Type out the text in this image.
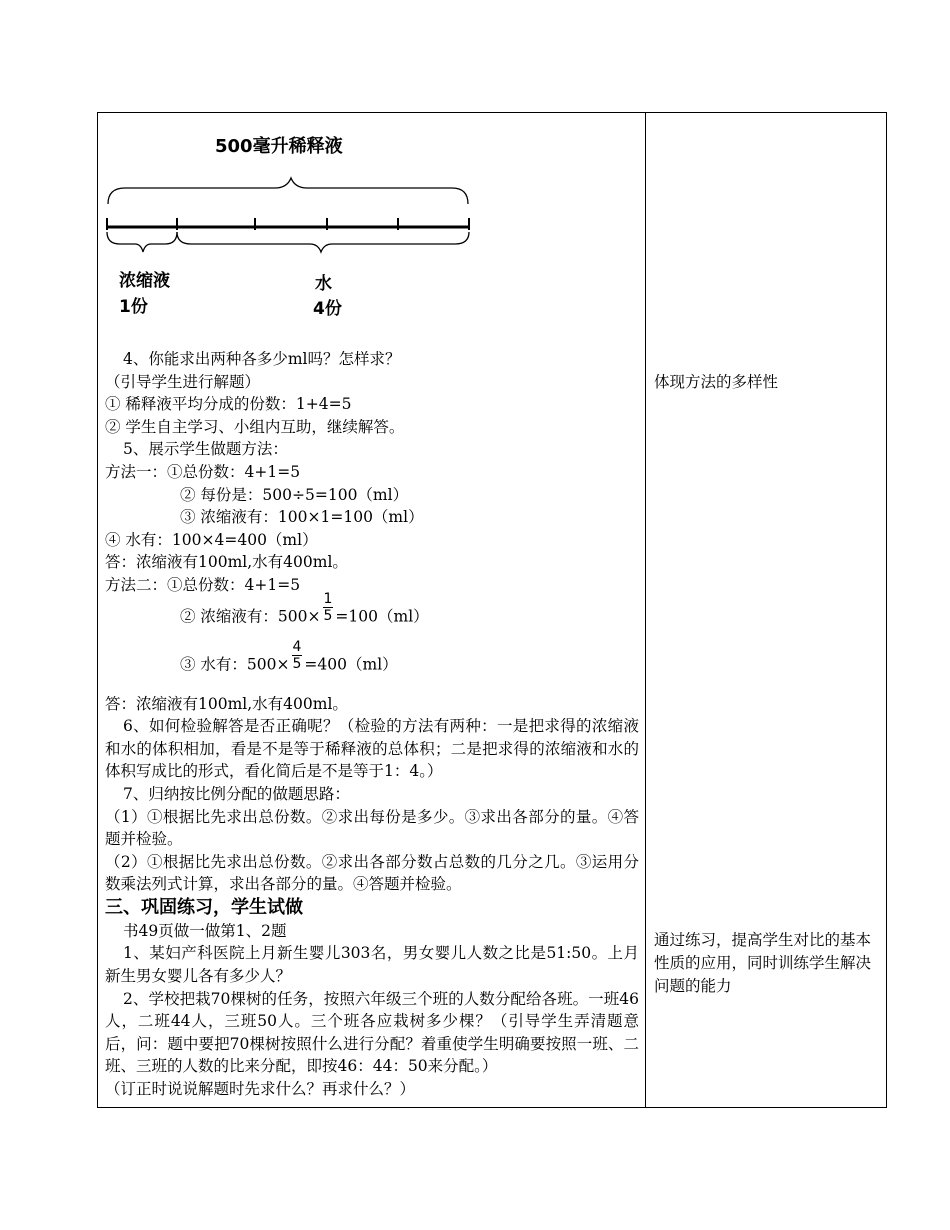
500毫升稀释液
浓缩液
1份
水
4份
4、你能求出两种各多少ml吗？怎样求？
（引导学生进行解题）
① 稀释液平均分成的份数：1+4=5
② 学生自主学习、小组内互助，继续解答。
5、展示学生做题方法：
方法一：①总份数：4+1=5
② 每份是：500÷5=100（ml）
③ 浓缩液有：100×1=100（ml）
④ 水有：100×4=400（ml）
答：浓缩液有100ml,水有400ml。
方法二：①总份数：4+1=5
② 浓缩液有：$500\times \frac{1}{5} =100(ml)$
③ 水有：$500\times \frac{4}{5} =400(ml)$
答：浓缩液有100ml,水有400ml。
6、如何检验解答是否正确呢？（检验的方法有两种：一是把求得的浓缩液和水的体积相加，看是不是等于稀释液的总体积；二是把求得的浓缩液和水的体积写成比的形式，看化简后是不是等于1：4。）
7、归纳按比例分配的做题思路：
（1）①根据比先求出总份数。②求出每份是多少。③求出各部分的量。④答题并检验。
（2）①根据比先求出总份数。②求出各部分数占总数的几分之几。③运用分数乘法列式计算，求出各部分的量。④答题并检验。
三、巩固练习，学生试做
书49页做一做第1、2题
1、某妇产科医院上月新生婴儿303名，男女婴儿人数之比是51:50。上月新生男女婴儿各有多少人？
2、学校把栽70棵树的任务，按照六年级三个班的人数分配给各班。一班46人，二班44人，三班50人。三个班各应栽树多少棵？（引导学生弄清题意后，问：题中要把70棵树按照什么进行分配？着重使学生明确要按照一班、二班、三班的人数的比来分配，即按46：44：50来分配。）
（订正时说说解题时先求什么？再求什么？）
体现方法的多样性
通过练习，提高学生对比的基本性质的应用，同时训练学生解决问题的能力
